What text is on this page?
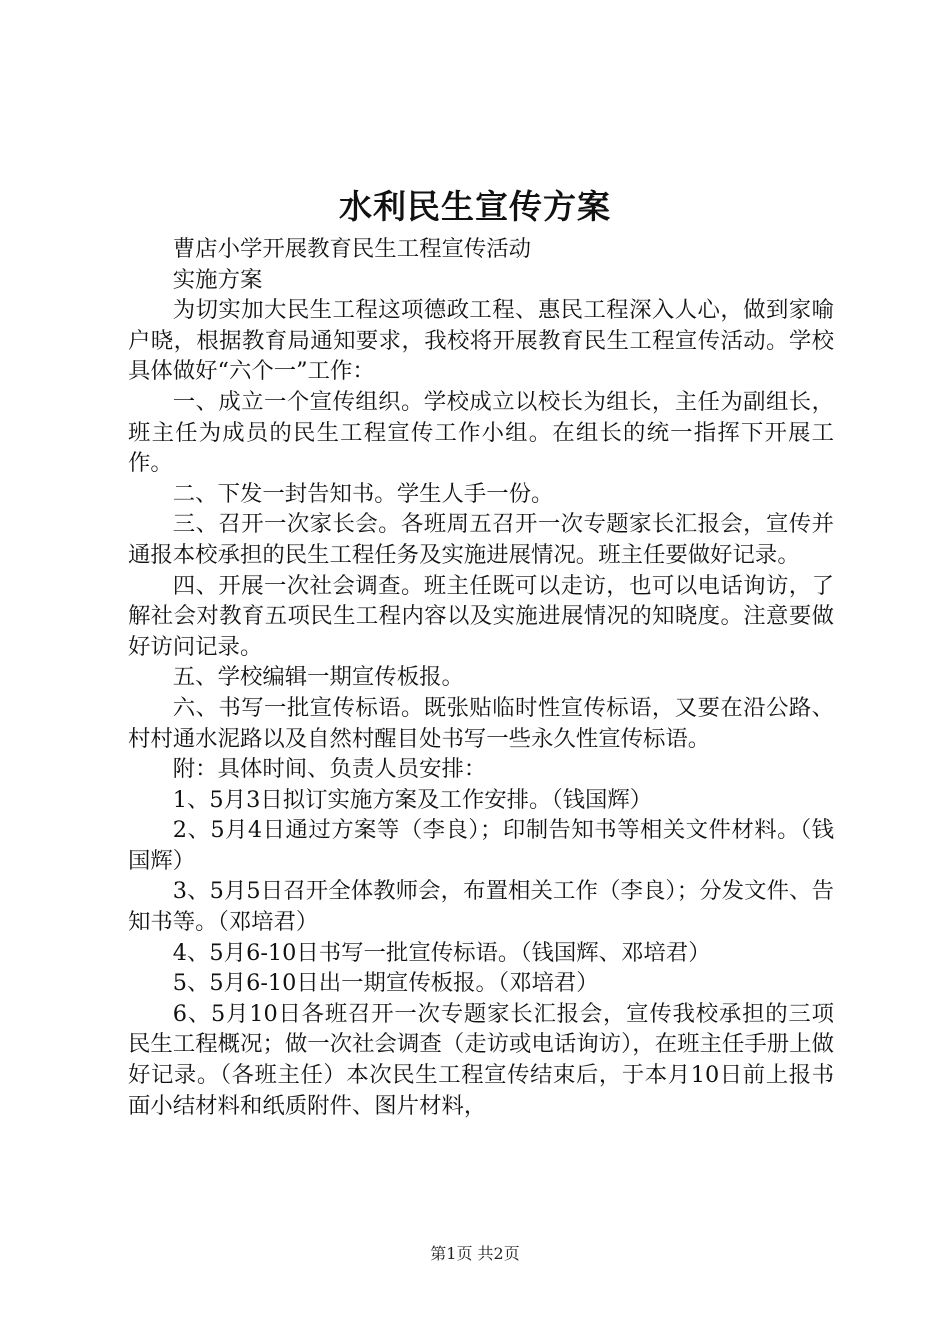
水利民生宣传方案

曹店小学开展教育民生工程宣传活动

实施方案

为切实加大民生工程这项德政工程、惠民工程深入人心，做到家喻户晓，根据教育局通知要求，我校将开展教育民生工程宣传活动。学校具体做好“六个一”工作：

一、成立一个宣传组织。学校成立以校长为组长，主任为副组长，班主任为成员的民生工程宣传工作小组。在组长的统一指挥下开展工作。

二、下发一封告知书。学生人手一份。

三、召开一次家长会。各班周五召开一次专题家长汇报会，宣传并通报本校承担的民生工程任务及实施进展情况。班主任要做好记录。

四、开展一次社会调查。班主任既可以走访，也可以电话询访，了解社会对教育五项民生工程内容以及实施进展情况的知晓度。注意要做好访问记录。

五、学校编辑一期宣传板报。

六、书写一批宣传标语。既张贴临时性宣传标语，又要在沿公路、村村通水泥路以及自然村醒目处书写一些永久性宣传标语。

附：具体时间、负责人员安排：

1、5月3日拟订实施方案及工作安排。（钱国辉）

2、5月4日通过方案等（李良）；印制告知书等相关文件材料。（钱国辉）

3、5月5日召开全体教师会，布置相关工作（李良）；分发文件、告知书等。（邓培君）

4、5月6-10日书写一批宣传标语。（钱国辉、邓培君）

5、5月6-10日出一期宣传板报。（邓培君）

6、5月10日各班召开一次专题家长汇报会，宣传我校承担的三项民生工程概况；做一次社会调查（走访或电话询访），在班主任手册上做好记录。（各班主任）本次民生工程宣传结束后，于本月10日前上报书面小结材料和纸质附件、图片材料，

第1页 共2页
